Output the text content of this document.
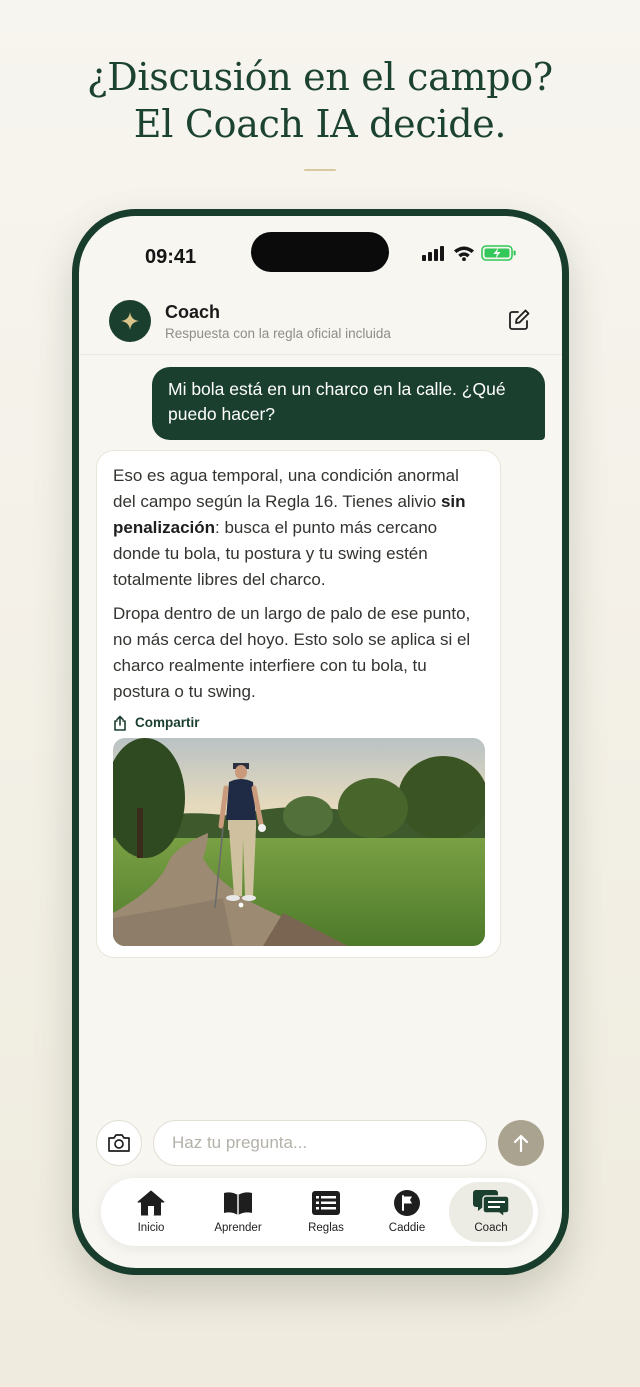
¿Discusión en el campo?
El Coach IA decide.
09:41
Coach
Respuesta con la regla oficial incluida
Mi bola está en un charco en la calle. ¿Qué puedo hacer?

Eso es agua temporal, una condición anormal del campo según la Regla 16. Tienes alivio sin penalización: busca el punto más cercano donde tu bola, tu postura y tu swing estén totalmente libres del charco.

Dropa dentro de un largo de palo de ese punto, no más cerca del hoyo. Esto solo se aplica si el charco realmente interfiere con tu bola, tu postura o tu swing.

Compartir
Haz tu pregunta...
Inicio	Aprender	Reglas	Caddie	Coach
